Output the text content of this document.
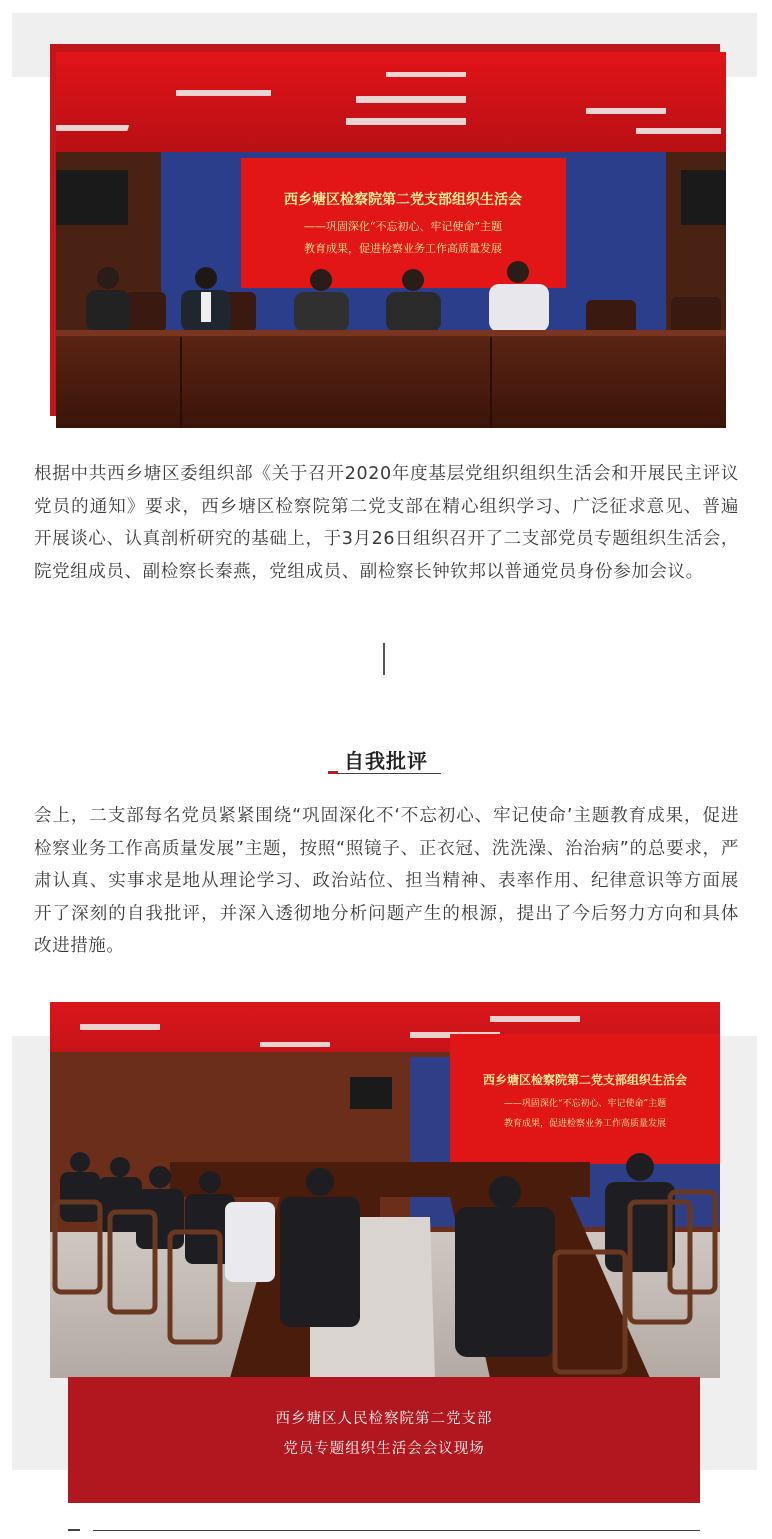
西乡塘区检察院第二党支部组织生活会
——巩固深化“不忘初心、牢记使命”主题
教育成果，促进检察业务工作高质量发展
根据中共西乡塘区委组织部《关于召开2020年度基层党组织组织生活会和开展民主评议党员的通知》要求，西乡塘区检察院第二党支部在精心组织学习、广泛征求意见、普遍开展谈心、认真剖析研究的基础上，于3月26日组织召开了二支部党员专题组织生活会，院党组成员、副检察长秦燕，党组成员、副检察长钟钦邦以普通党员身份参加会议。
自我批评
会上，二支部每名党员紧紧围绕“巩固深化不‘不忘初心、牢记使命’主题教育成果，促进检察业务工作高质量发展”主题，按照“照镜子、正衣冠、洗洗澡、治治病”的总要求，严肃认真、实事求是地从理论学习、政治站位、担当精神、表率作用、纪律意识等方面展开了深刻的自我批评，并深入透彻地分析问题产生的根源，提出了今后努力方向和具体改进措施。
西乡塘区检察院第二党支部组织生活会
——巩固深化“不忘初心、牢记使命”主题
教育成果，促进检察业务工作高质量发展
西乡塘区人民检察院第二党支部
党员专题组织生活会会议现场
